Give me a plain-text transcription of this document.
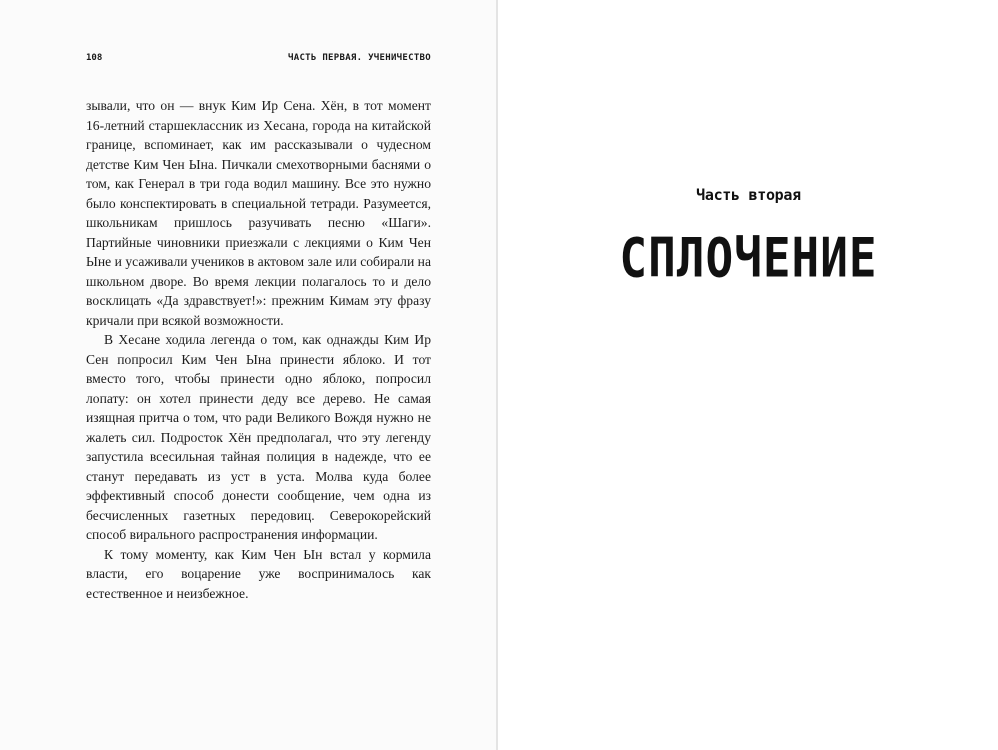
108	ЧАСТЬ ПЕРВАЯ. УЧЕНИЧЕСТВО

зывали, что он — внук Ким Ир Сена. Хён, в тот момент 16-летний старшеклассник из Хесана, города на китайской границе, вспоминает, как им рассказывали о чудесном детстве Ким Чен Ына. Пичкали смехотворными баснями о том, как Генерал в три года водил машину. Все это нужно было конспектировать в специальной тетради. Разумеется, школьникам пришлось разучивать песню «Шаги». Партийные чиновники приезжали с лекциями о Ким Чен Ыне и усаживали учеников в актовом зале или собирали на школьном дворе. Во время лекции полагалось то и дело восклицать «Да здравствует!»: прежним Кимам эту фразу кричали при всякой возможности.

В Хесане ходила легенда о том, как однажды Ким Ир Сен попросил Ким Чен Ына принести яблоко. И тот вместо того, чтобы принести одно яблоко, попросил лопату: он хотел принести деду все дерево. Не самая изящная притча о том, что ради Великого Вождя нужно не жалеть сил. Подросток Хён предполагал, что эту легенду запустила всесильная тайная полиция в надежде, что ее станут передавать из уст в уста. Молва куда более эффективный способ донести сообщение, чем одна из бесчисленных газетных передовиц. Северокорейский способ вирального распространения информации.

К тому моменту, как Ким Чен Ын встал у кормила власти, его воцарение уже воспринималось как естественное и неизбежное.

Часть вторая
СПЛОЧЕНИЕ
